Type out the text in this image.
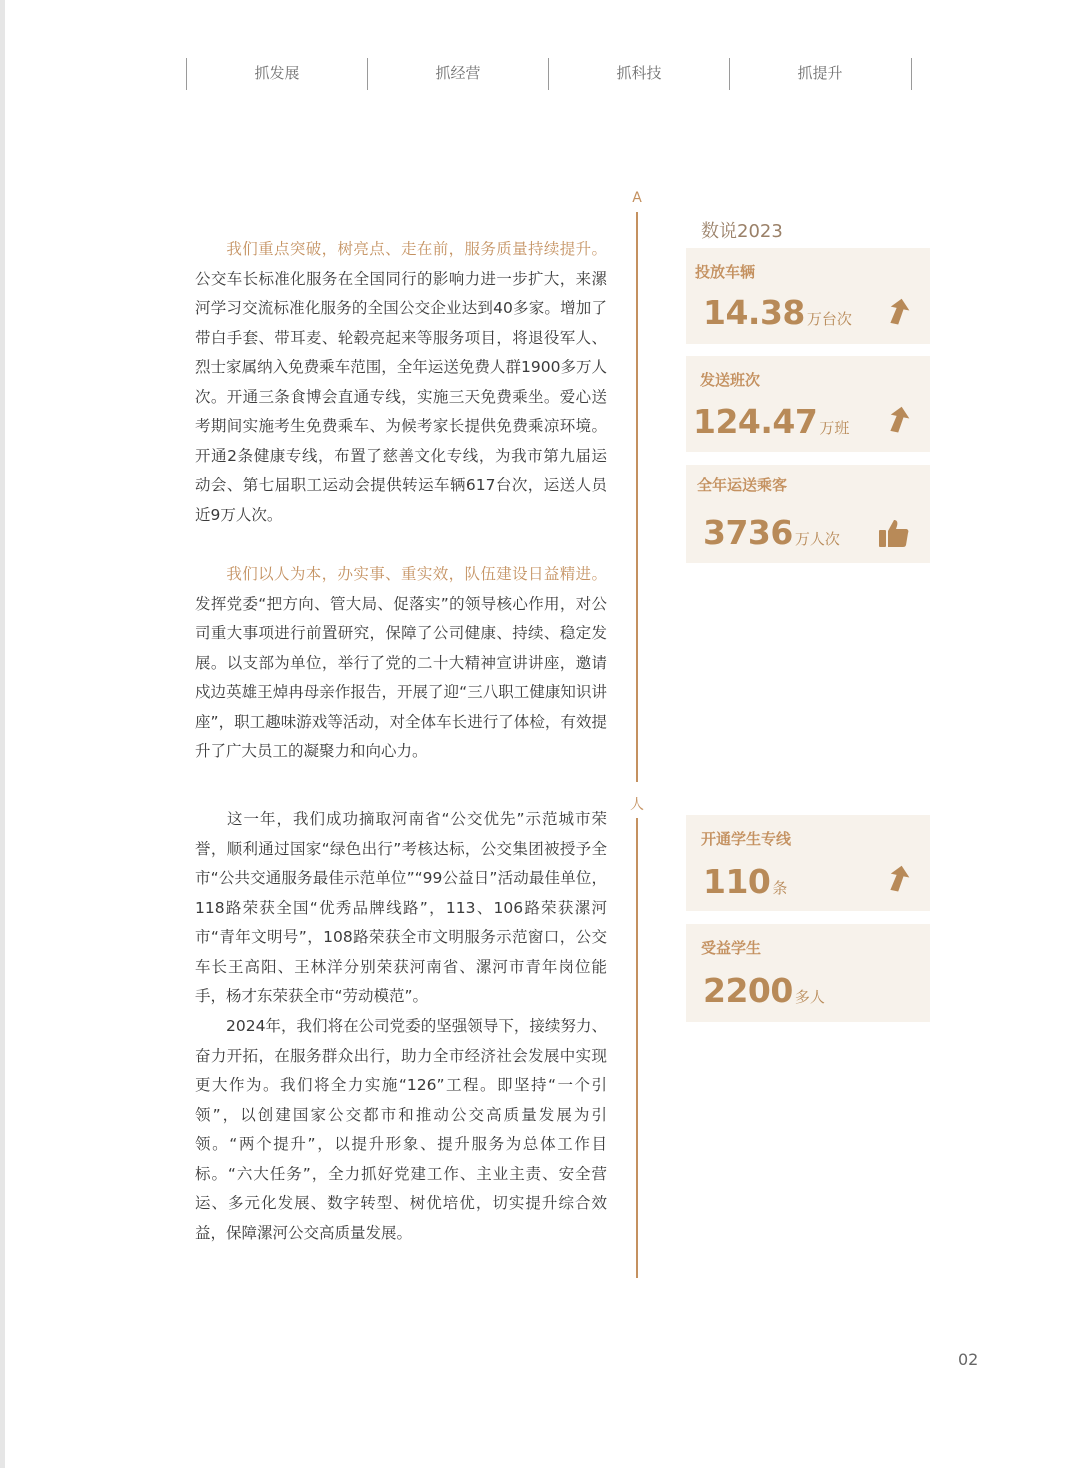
抓发展	抓经营	抓科技	抓提升
A
人

我们重点突破，树亮点、走在前，服务质量持续提升。公交车长标准化服务在全国同行的影响力进一步扩大，来漯河学习交流标准化服务的全国公交企业达到40多家。增加了带白手套、带耳麦、轮毂亮起来等服务项目，将退役军人、烈士家属纳入免费乘车范围，全年运送免费人群1900多万人次。开通三条食博会直通专线，实施三天免费乘坐。爱心送考期间实施考生免费乘车、为候考家长提供免费乘凉环境。开通2条健康专线，布置了慈善文化专线，为我市第九届运动会、第七届职工运动会提供转运车辆617台次，运送人员近9万人次。

我们以人为本，办实事、重实效，队伍建设日益精进。发挥党委“把方向、管大局、促落实”的领导核心作用，对公司重大事项进行前置研究，保障了公司健康、持续、稳定发展。以支部为单位，举行了党的二十大精神宣讲讲座，邀请戍边英雄王焯冉母亲作报告，开展了迎“三八职工健康知识讲座”，职工趣味游戏等活动，对全体车长进行了体检，有效提升了广大员工的凝聚力和向心力。

这一年，我们成功摘取河南省“公交优先”示范城市荣誉，顺利通过国家“绿色出行”考核达标，公交集团被授予全市“公共交通服务最佳示范单位”“99公益日”活动最佳单位，118路荣获全国“优秀品牌线路”，113、106路荣获漯河市“青年文明号”，108路荣获全市文明服务示范窗口，公交车长王高阳、王林洋分别荣获河南省、漯河市青年岗位能手，杨才东荣获全市“劳动模范”。

2024年，我们将在公司党委的坚强领导下，接续努力、奋力开拓，在服务群众出行，助力全市经济社会发展中实现更大作为。我们将全力实施“126”工程。即坚持“一个引领”，以创建国家公交都市和推动公交高质量发展为引领。“两个提升”，以提升形象、提升服务为总体工作目标。“六大任务”，全力抓好党建工作、主业主责、安全营运、多元化发展、数字转型、树优培优，切实提升综合效益，保障漯河公交高质量发展。

数说2023
投放车辆
14.38 万台次
发送班次
124.47 万班
全年运送乘客
3736 万人次
开通学生专线
110 条
受益学生
2200 多人
02
